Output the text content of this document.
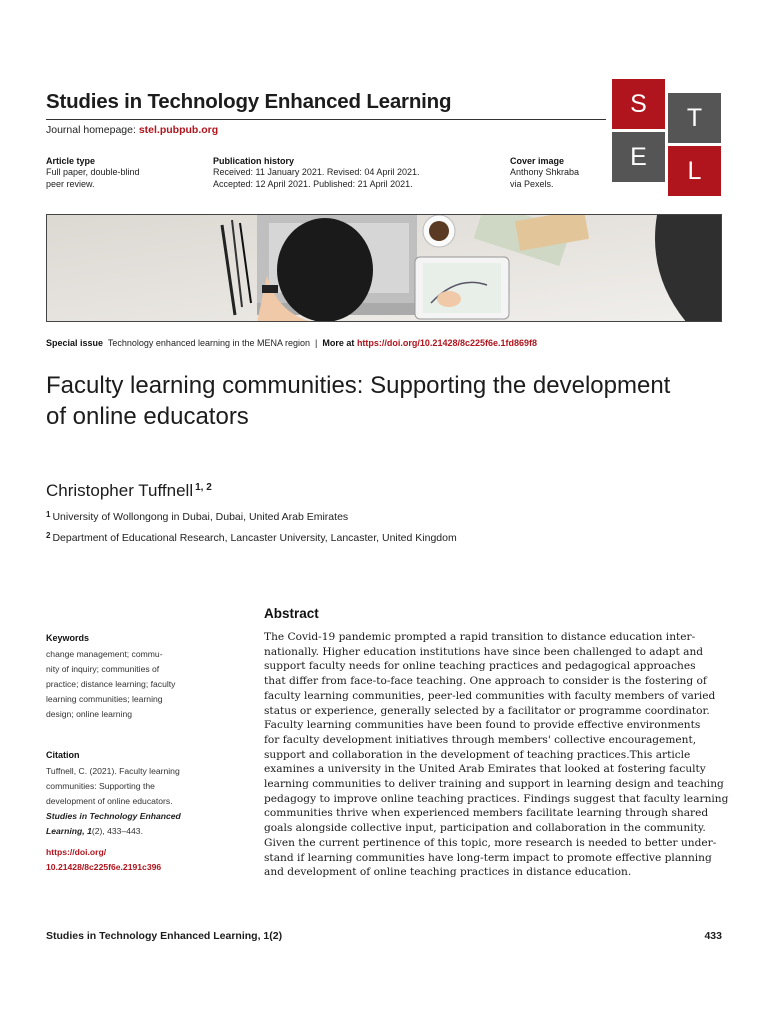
Studies in Technology Enhanced Learning
Journal homepage: stel.pubpub.org
S	T
E	L
Article type
Full paper, double-blind
peer review.
Publication history
Received: 11 January 2021. Revised: 04 April 2021.
Accepted: 12 April 2021. Published: 21 April 2021.
Cover image
Anthony Shkraba
via Pexels.
Special issue Technology enhanced learning in the MENA region | More at https://doi.org/10.21428/8c225f6e.1fd869f8
Faculty learning communities: Supporting the development of online educators
Christopher Tuffnell $^{1, 2}$
$^1$ University of Wollongong in Dubai, Dubai, United Arab Emirates
$^2$ Department of Educational Research, Lancaster University, Lancaster, United Kingdom
Abstract
The Covid-19 pandemic prompted a rapid transition to distance education inter-
nationally. Higher education institutions have since been challenged to adapt and
support faculty needs for online teaching practices and pedagogical approaches
that differ from face-to-face teaching. One approach to consider is the fostering of
faculty learning communities, peer-led communities with faculty members of varied
status or experience, generally selected by a facilitator or programme coordinator.
Faculty learning communities have been found to provide effective environments
for faculty development initiatives through members' collective encouragement,
support and collaboration in the development of teaching practices.This article
examines a university in the United Arab Emirates that looked at fostering faculty
learning communities to deliver training and support in learning design and teaching
pedagogy to improve online teaching practices. Findings suggest that faculty learning
communities thrive when experienced members facilitate learning through shared
goals alongside collective input, participation and collaboration in the community.
Given the current pertinence of this topic, more research is needed to better under-
stand if learning communities have long-term impact to promote effective planning
and development of online teaching practices in distance education.
Keywords
change management; commu-
nity of inquiry; communities of
practice; distance learning; faculty
learning communities; learning
design; online learning
Citation
Tuffnell, C. (2021). Faculty learning
communities: Supporting the
development of online educators.
Studies in Technology Enhanced
Learning, 1(2), 433–443.
https://doi.org/
10.21428/8c225f6e.2191c396
Studies in Technology Enhanced Learning, 1(2)	433
